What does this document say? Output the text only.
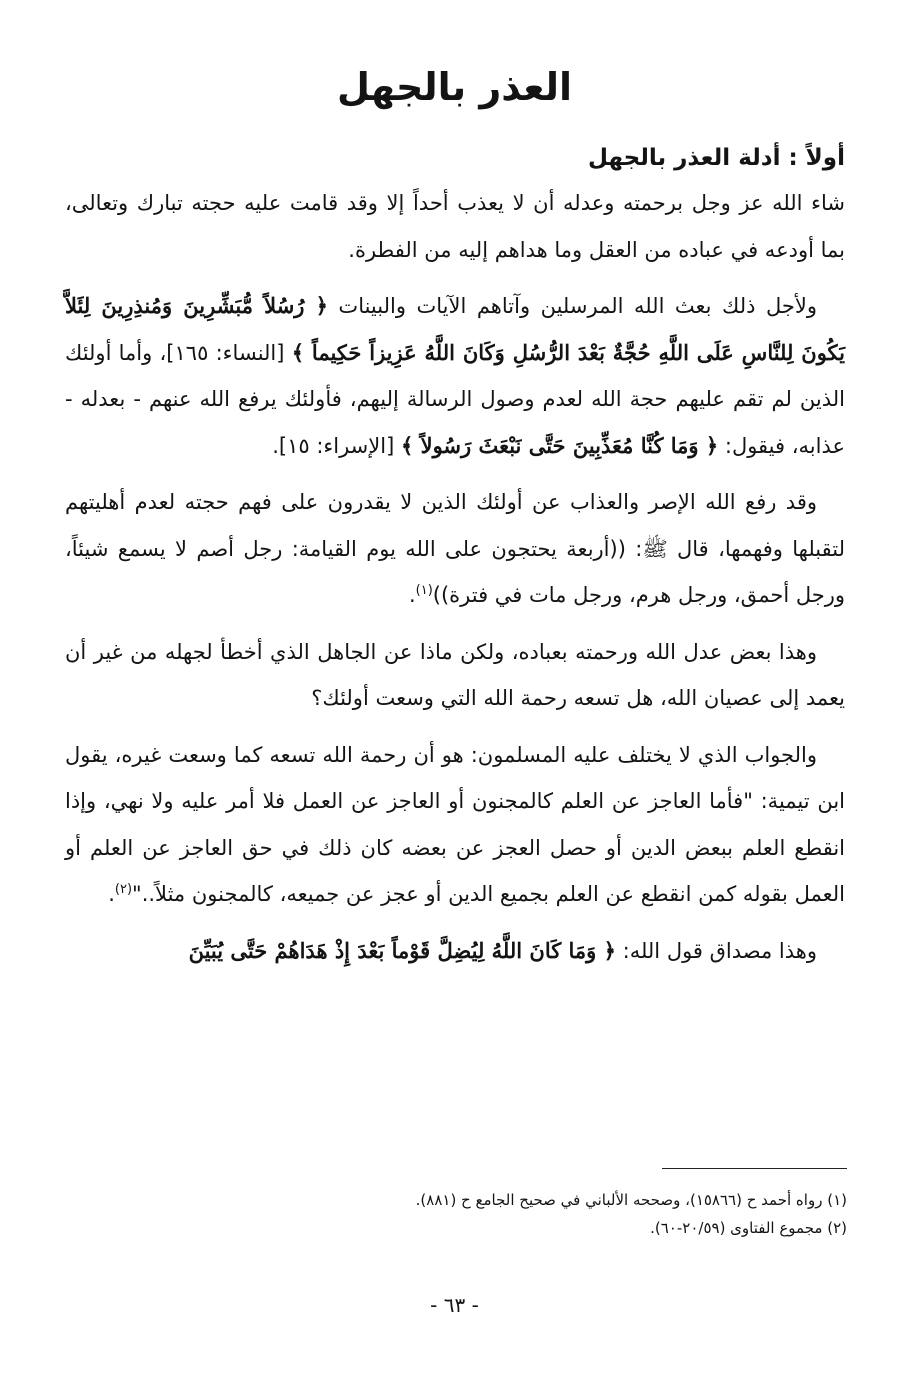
العذر بالجهل
أولاً : أدلة العذر بالجهل

شاء الله عز وجل برحمته وعدله أن لا يعذب أحداً إلا وقد قامت عليه حجته تبارك وتعالى، بما أودعه في عباده من العقل وما هداهم إليه من الفطرة.

ولأجل ذلك بعث الله المرسلين وآتاهم الآيات والبينات ﴿ رُسُلاً مُّبَشِّرِينَ وَمُنذِرِينَ لِئَلاَّ يَكُونَ لِلنَّاسِ عَلَى اللَّهِ حُجَّةٌ بَعْدَ الرُّسُلِ وَكَانَ اللَّهُ عَزِيزاً حَكِيماً ﴾ [النساء: ١٦٥]، وأما أولئك الذين لم تقم عليهم حجة الله لعدم وصول الرسالة إليهم، فأولئك يرفع الله عنهم - بعدله - عذابه، فيقول: ﴿ وَمَا كُنَّا مُعَذِّبِينَ حَتَّى نَبْعَثَ رَسُولاً ﴾ [الإسراء: ١٥].

وقد رفع الله الإصر والعذاب عن أولئك الذين لا يقدرون على فهم حجته لعدم أهليتهم لتقبلها وفهمها، قال ﷺ: ((أربعة يحتجون على الله يوم القيامة: رجل أصم لا يسمع شيئاً، ورجل أحمق، ورجل هرم، ورجل مات في فترة))$^{(١)}$.

وهذا بعض عدل الله ورحمته بعباده، ولكن ماذا عن الجاهل الذي أخطأ لجهله من غير أن يعمد إلى عصيان الله، هل تسعه رحمة الله التي وسعت أولئك؟

والجواب الذي لا يختلف عليه المسلمون: هو أن رحمة الله تسعه كما وسعت غيره، يقول ابن تيمية: "فأما العاجز عن العلم كالمجنون أو العاجز عن العمل فلا أمر عليه ولا نهي، وإذا انقطع العلم ببعض الدين أو حصل العجز عن بعضه كان ذلك في حق العاجز عن العلم أو العمل بقوله كمن انقطع عن العلم بجميع الدين أو عجز عن جميعه، كالمجنون مثلاً.."$^{(٢)}$.

وهذا مصداق قول الله: ﴿ وَمَا كَانَ اللَّهُ لِيُضِلَّ قَوْماً بَعْدَ إِذْ هَدَاهُمْ حَتَّى يُبَيِّنَ

(١) رواه أحمد ح (١٥٨٦٦)، وصححه الألباني في صحيح الجامع ح (٨٨١).
(٢) مجموع الفتاوى (٢٠/٥٩-٦٠).
- ٦٣ -
